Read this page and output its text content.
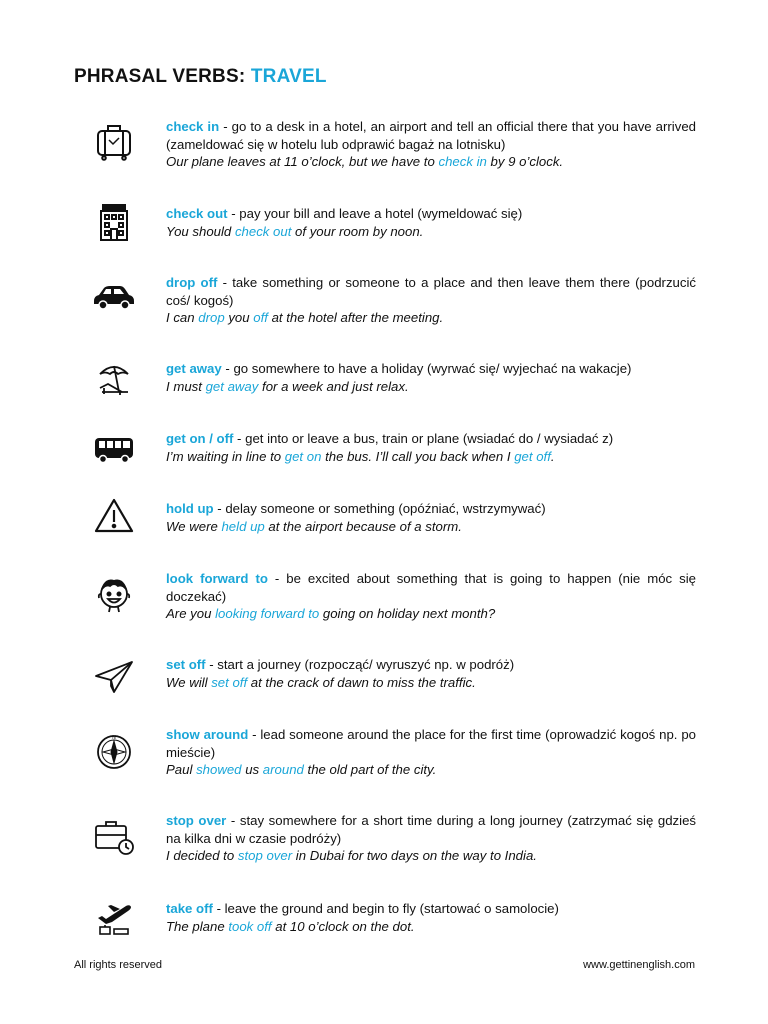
PHRASAL VERBS: TRAVEL
check in - go to a desk in a hotel, an airport and tell an official there that you have arrived (zameldować się w hotelu lub odprawić bagaż na lotnisku)
Our plane leaves at 11 o’clock, but we have to check in by 9 o’clock.
check out - pay your bill and leave a hotel (wymeldować się)
You should check out of your room by noon.
drop off - take something or someone to a place and then leave them there (podrzucić coś/ kogoś)
I can drop you off at the hotel after the meeting.
get away - go somewhere to have a holiday (wyrwać się/ wyjechać na wakacje)
I must get away for a week and just relax.
get on / off - get into or leave a bus, train or plane (wsiadać do / wysiadać z)
I’m waiting in line to get on the bus. I’ll call you back when I get off.
hold up - delay someone or something (opóźniać, wstrzymywać)
We were held up at the airport because of a storm.
look forward to - be excited about something that is going to happen (nie móc się doczekać)
Are you looking forward to going on holiday next month?
set off - start a journey (rozpocząć/ wyruszyć np. w podróż)
We will set off at the crack of dawn to miss the traffic.
N	show around - lead someone around the place for the first time (oprowadzić kogoś np. po mieście)
Paul showed us around the old part of the city.
stop over - stay somewhere for a short time during a long journey (zatrzymać się gdzieś na kilka dni w czasie podróży)
I decided to stop over in Dubai for two days on the way to India.
take off - leave the ground and begin to fly (startować o samolocie)
The plane took off at 10 o’clock on the dot.
All rights reserved	www.gettinenglish.com
